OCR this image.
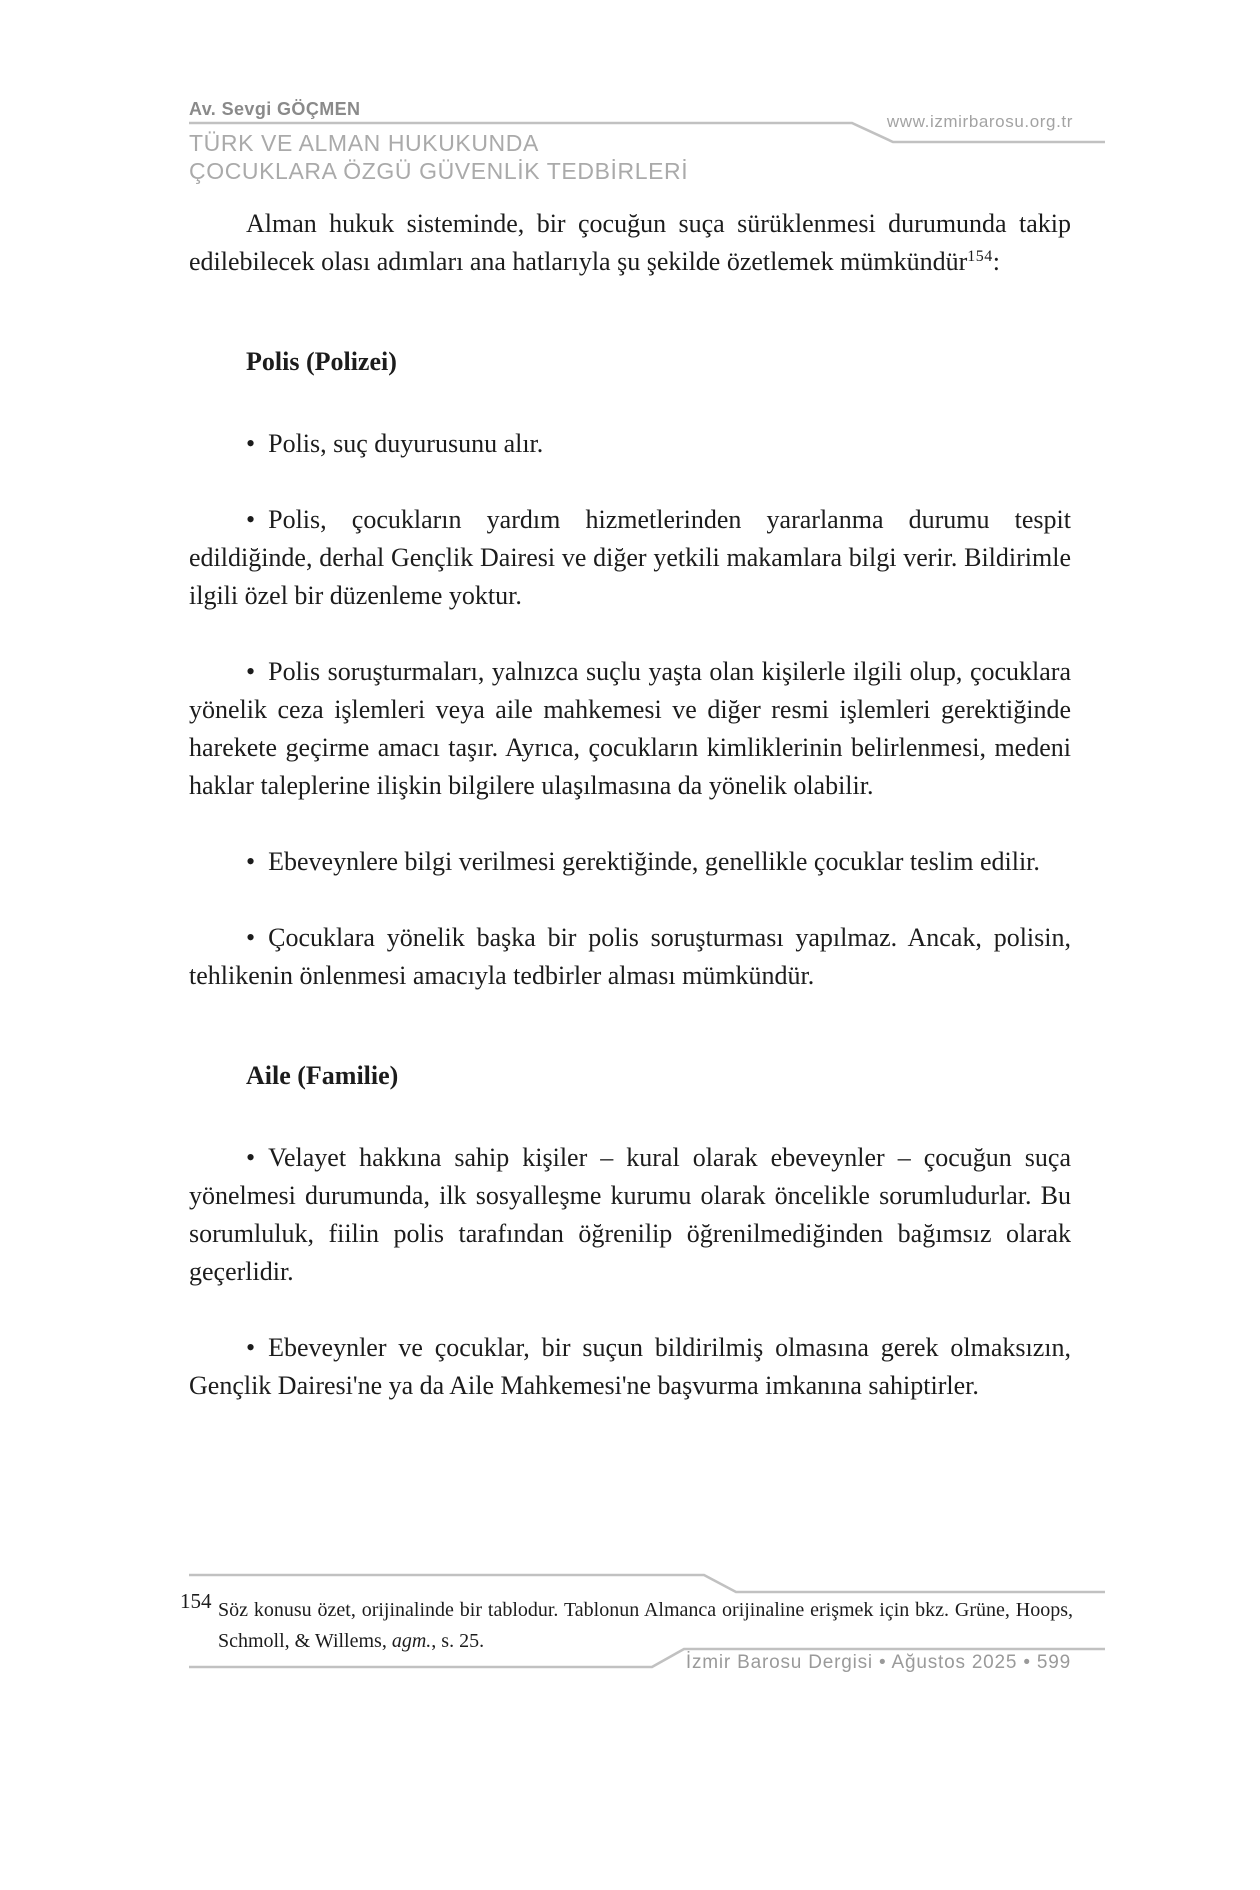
Av. Sevgi GÖÇMEN
TÜRK VE ALMAN HUKUKUNDA
ÇOCUKLARA ÖZGÜ GÜVENLİK TEDBİRLERİ
www.izmirbarosu.org.tr

Alman hukuk sisteminde, bir çocuğun suça sürüklenmesi durumunda takip edilebilecek olası adımları ana hatlarıyla şu şekilde özetlemek mümkündür$^{154}$:

Polis (Polizei)

• Polis, suç duyurusunu alır.

• Polis, çocukların yardım hizmetlerinden yararlanma durumu tespit edildiğinde, derhal Gençlik Dairesi ve diğer yetkili makamlara bilgi verir. Bildirimle ilgili özel bir düzenleme yoktur.

• Polis soruşturmaları, yalnızca suçlu yaşta olan kişilerle ilgili olup, çocuklara yönelik ceza işlemleri veya aile mahkemesi ve diğer resmi işlemleri gerektiğinde harekete geçirme amacı taşır. Ayrıca, çocukların kimliklerinin belirlenmesi, medeni haklar taleplerine ilişkin bilgilere ulaşılmasına da yönelik olabilir.

• Ebeveynlere bilgi verilmesi gerektiğinde, genellikle çocuklar teslim edilir.

• Çocuklara yönelik başka bir polis soruşturması yapılmaz. Ancak, polisin, tehlikenin önlenmesi amacıyla tedbirler alması mümkündür.

Aile (Familie)

• Velayet hakkına sahip kişiler – kural olarak ebeveynler – çocuğun suça yönelmesi durumunda, ilk sosyalleşme kurumu olarak öncelikle sorumludurlar. Bu sorumluluk, fiilin polis tarafından öğrenilip öğrenilmediğinden bağımsız olarak geçerlidir.

• Ebeveynler ve çocuklar, bir suçun bildirilmiş olmasına gerek olmaksızın, Gençlik Dairesi'ne ya da Aile Mahkemesi'ne başvurma imkanına sahiptirler.

154 Söz konusu özet, orijinalinde bir tablodur. Tablonun Almanca orijinaline erişmek için bkz. Grüne, Hoops, Schmoll, & Willems, agm., s. 25.
İzmir Barosu Dergisi • Ağustos 2025 • 599
